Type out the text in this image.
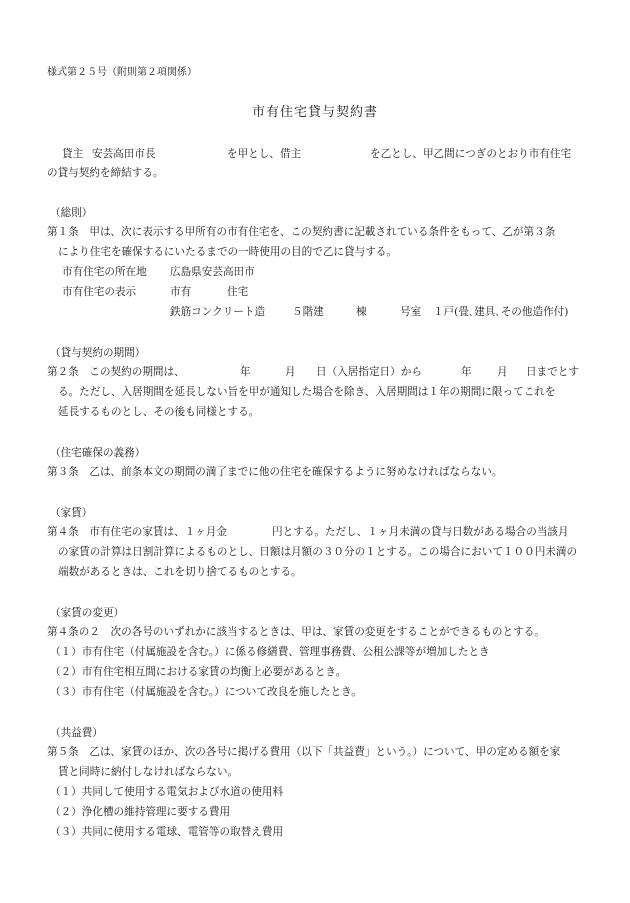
様式第２５号（附則第２項関係）
市有住宅貸与契約書
貸主 安芸高田市長	を甲とし、借主	を乙とし、甲乙間につぎのとおり市有住宅
の貸与契約を締結する。
（総則）
第１条　甲は、次に表示する甲所有の市有住宅を、この契約書に記載されている条件をもって、乙が第３条
により住宅を確保するにいたるまでの一時使用の目的で乙に貸与する。
市有住宅の所在地 広島県安芸高田市
市有住宅の表示	市有	住宅
鉄筋コンクリート造	５階建	棟	号室 １戸(畳､建具､その他造作付)
（貸与契約の期間）
第２条　この契約の期間は、	年	月 日（入居指定日）から	年 月 日までとす
る。ただし、入居期間を延長しない旨を甲が通知した場合を除き、入居期間は１年の期間に限ってこれを
延長するものとし、その後も同様とする。
（住宅確保の義務）
第３条　乙は、前条本文の期間の満了までに他の住宅を確保するように努めなければならない。
（家賃）
第４条　市有住宅の家賃は、１ヶ月金	円とする。ただし、１ヶ月未満の貸与日数がある場合の当該月
の家賃の計算は日割計算によるものとし、日額は月額の３０分の１とする。この場合において１００円未満の
端数があるときは、これを切り捨てるものとする。
（家賃の変更）
第４条の２　次の各号のいずれかに該当するときは、甲は、家賃の変更をすることができるものとする。
（１）市有住宅（付属施設を含む。）に係る修繕費、管理事務費、公租公課等が増加したとき
（２）市有住宅相互間における家賃の均衡上必要があるとき。
（３）市有住宅（付属施設を含む。）について改良を施したとき。
（共益費）
第５条　乙は、家賃のほか、次の各号に掲げる費用（以下「共益費」という。）について、甲の定める額を家
賃と同時に納付しなければならない。
（１）共同して使用する電気および水道の使用料
（２）浄化槽の維持管理に要する費用
（３）共同に使用する電球、電管等の取替え費用
